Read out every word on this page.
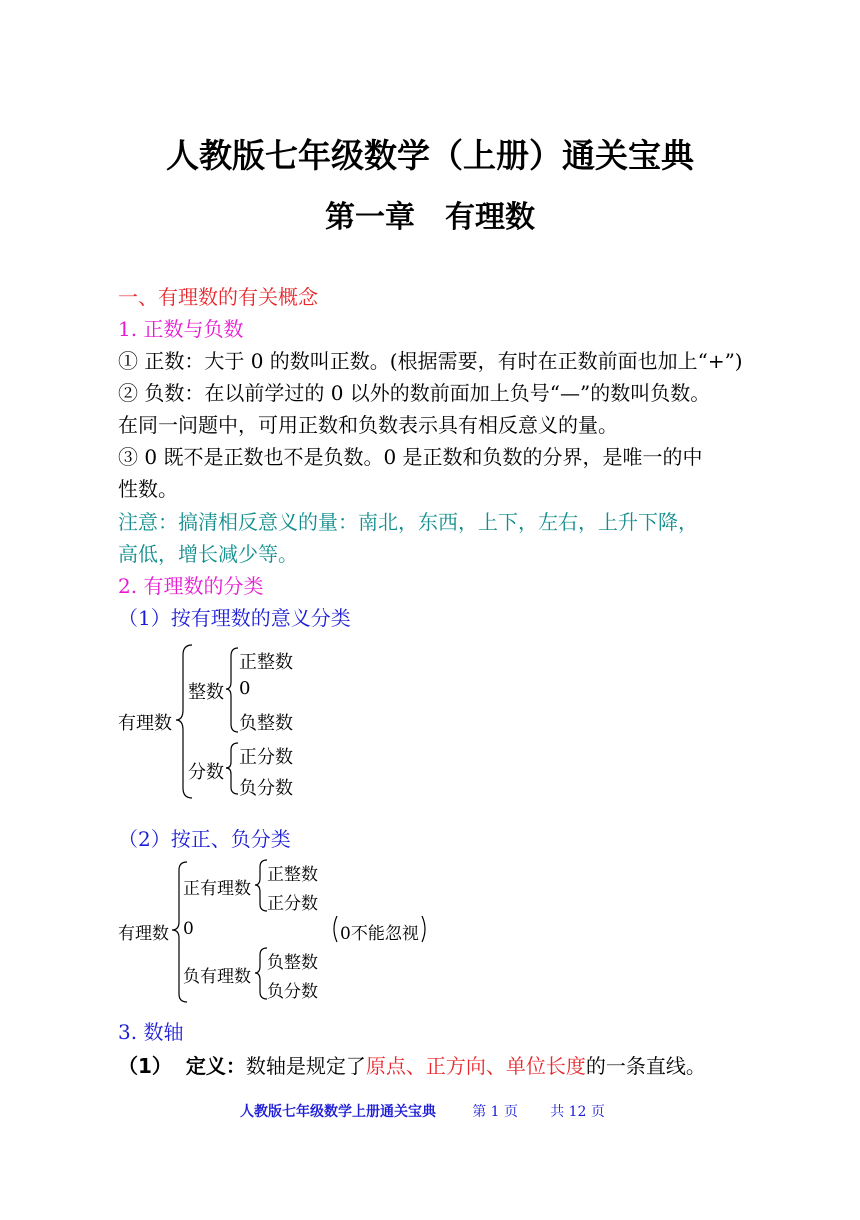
人教版七年级数学（上册）通关宝典
第一章　有理数
一、有理数的有关概念
1. 正数与负数
① 正数：大于 0 的数叫正数。(根据需要，有时在正数前面也加上“+”)
② 负数：在以前学过的 0 以外的数前面加上负号“—”的数叫负数。
在同一问题中，可用正数和负数表示具有相反意义的量。
③ 0 既不是正数也不是负数。0 是正数和负数的分界，是唯一的中
性数。
注意：搞清相反意义的量：南北，东西，上下，左右，上升下降，
高低，增长减少等。
2. 有理数的分类
（1）按有理数的意义分类
有理数
整数
正整数
0
负整数
分数
正分数
负分数
（2）按正、负分类
有理数
正有理数
正整数
正分数
0	0不能忽视
负有理数
负整数
负分数
3. 数轴
（1） 定义：数轴是规定了原点、正方向、单位长度的一条直线。
人教版七年级数学上册通关宝典	第 1 页 共 12 页
